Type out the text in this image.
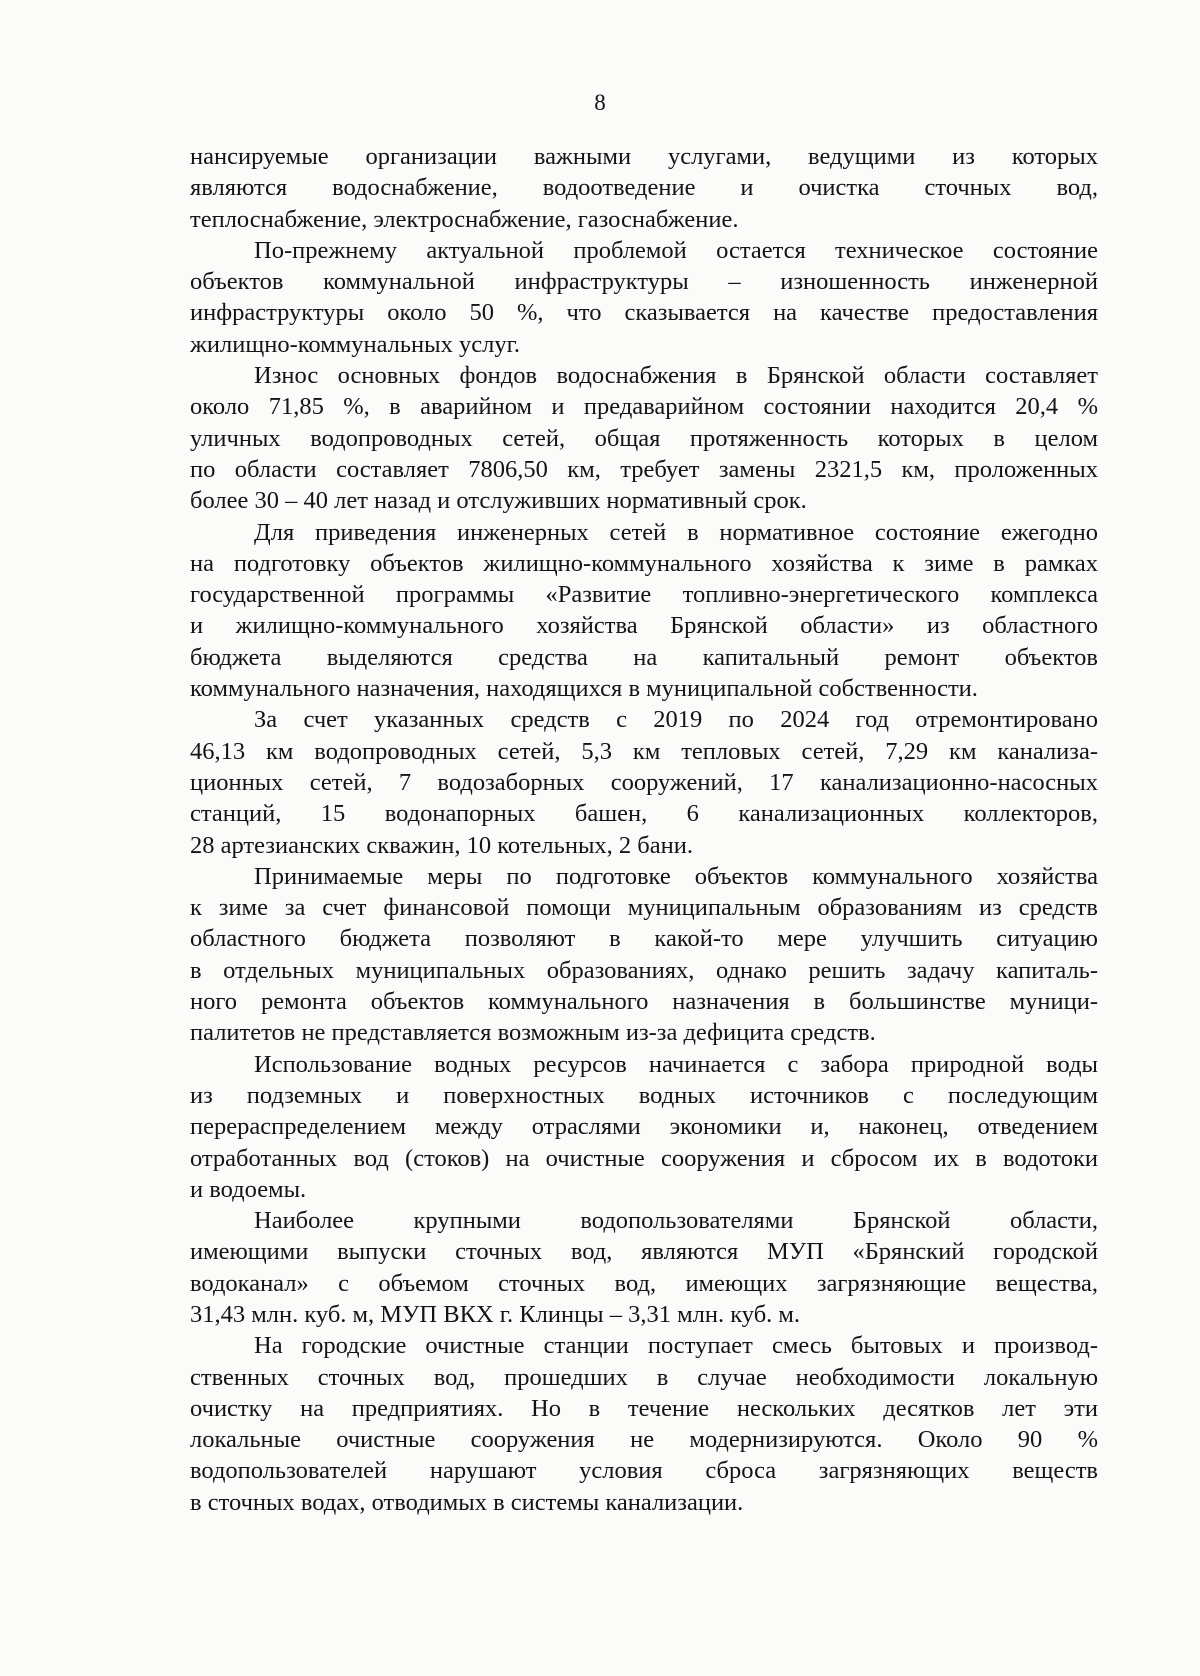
8
нансируемые организации важными услугами, ведущими из которых
являются водоснабжение, водоотведение и очистка сточных вод,
теплоснабжение, электроснабжение, газоснабжение.
По-прежнему актуальной проблемой остается техническое состояние
объектов коммунальной инфраструктуры – изношенность инженерной
инфраструктуры около 50 %, что сказывается на качестве предоставления
жилищно-коммунальных услуг.
Износ основных фондов водоснабжения в Брянской области составляет
около 71,85 %, в аварийном и предаварийном состоянии находится 20,4 %
уличных водопроводных сетей, общая протяженность которых в целом
по области составляет 7806,50 км, требует замены 2321,5 км, проложенных
более 30 – 40 лет назад и отслуживших нормативный срок.
Для приведения инженерных сетей в нормативное состояние ежегодно
на подготовку объектов жилищно-коммунального хозяйства к зиме в рамках
государственной программы «Развитие топливно-энергетического комплекса
и жилищно-коммунального хозяйства Брянской области» из областного
бюджета выделяются средства на капитальный ремонт объектов
коммунального назначения, находящихся в муниципальной собственности.
За счет указанных средств с 2019 по 2024 год отремонтировано
46,13 км водопроводных сетей, 5,3 км тепловых сетей, 7,29 км канализа-
ционных сетей, 7 водозаборных сооружений, 17 канализационно-насосных
станций, 15 водонапорных башен, 6 канализационных коллекторов,
28 артезианских скважин, 10 котельных, 2 бани.
Принимаемые меры по подготовке объектов коммунального хозяйства
к зиме за счет финансовой помощи муниципальным образованиям из средств
областного бюджета позволяют в какой-то мере улучшить ситуацию
в отдельных муниципальных образованиях, однако решить задачу капиталь-
ного ремонта объектов коммунального назначения в большинстве муници-
палитетов не представляется возможным из-за дефицита средств.
Использование водных ресурсов начинается с забора природной воды
из подземных и поверхностных водных источников с последующим
перераспределением между отраслями экономики и, наконец, отведением
отработанных вод (стоков) на очистные сооружения и сбросом их в водотоки
и водоемы.
Наиболее крупными водопользователями Брянской области,
имеющими выпуски сточных вод, являются МУП «Брянский городской
водоканал» с объемом сточных вод, имеющих загрязняющие вещества,
31,43 млн. куб. м, МУП ВКХ г. Клинцы – 3,31 млн. куб. м.
На городские очистные станции поступает смесь бытовых и производ-
ственных сточных вод, прошедших в случае необходимости локальную
очистку на предприятиях. Но в течение нескольких десятков лет эти
локальные очистные сооружения не модернизируются. Около 90 %
водопользователей нарушают условия сброса загрязняющих веществ
в сточных водах, отводимых в системы канализации.
